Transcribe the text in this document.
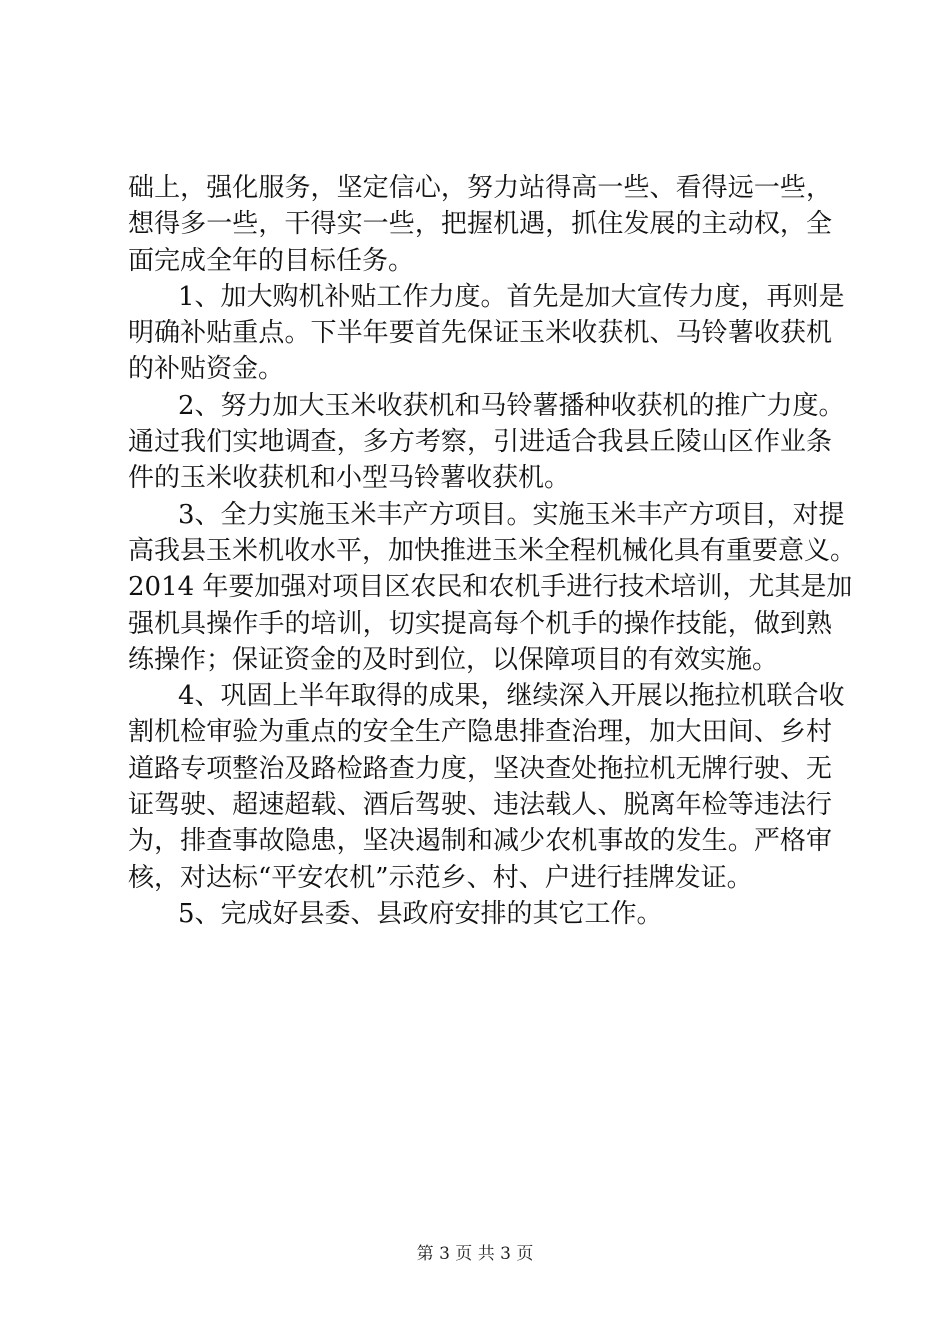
础上，强化服务，坚定信心，努力站得高一些、看得远一些，
想得多一些，干得实一些，把握机遇，抓住发展的主动权，全
面完成全年的目标任务。
1、加大购机补贴工作力度。首先是加大宣传力度，再则是
明确补贴重点。下半年要首先保证玉米收获机、马铃薯收获机
的补贴资金。
2、努力加大玉米收获机和马铃薯播种收获机的推广力度。
通过我们实地调查，多方考察，引进适合我县丘陵山区作业条
件的玉米收获机和小型马铃薯收获机。
3、全力实施玉米丰产方项目。实施玉米丰产方项目，对提
高我县玉米机收水平，加快推进玉米全程机械化具有重要意义。
2014 年要加强对项目区农民和农机手进行技术培训，尤其是加
强机具操作手的培训，切实提高每个机手的操作技能，做到熟
练操作；保证资金的及时到位，以保障项目的有效实施。
4、巩固上半年取得的成果，继续深入开展以拖拉机联合收
割机检审验为重点的安全生产隐患排查治理，加大田间、乡村
道路专项整治及路检路查力度，坚决查处拖拉机无牌行驶、无
证驾驶、超速超载、酒后驾驶、违法载人、脱离年检等违法行
为，排查事故隐患，坚决遏制和减少农机事故的发生。严格审
核，对达标“平安农机”示范乡、村、户进行挂牌发证。
5、完成好县委、县政府安排的其它工作。
第 3 页 共 3 页
